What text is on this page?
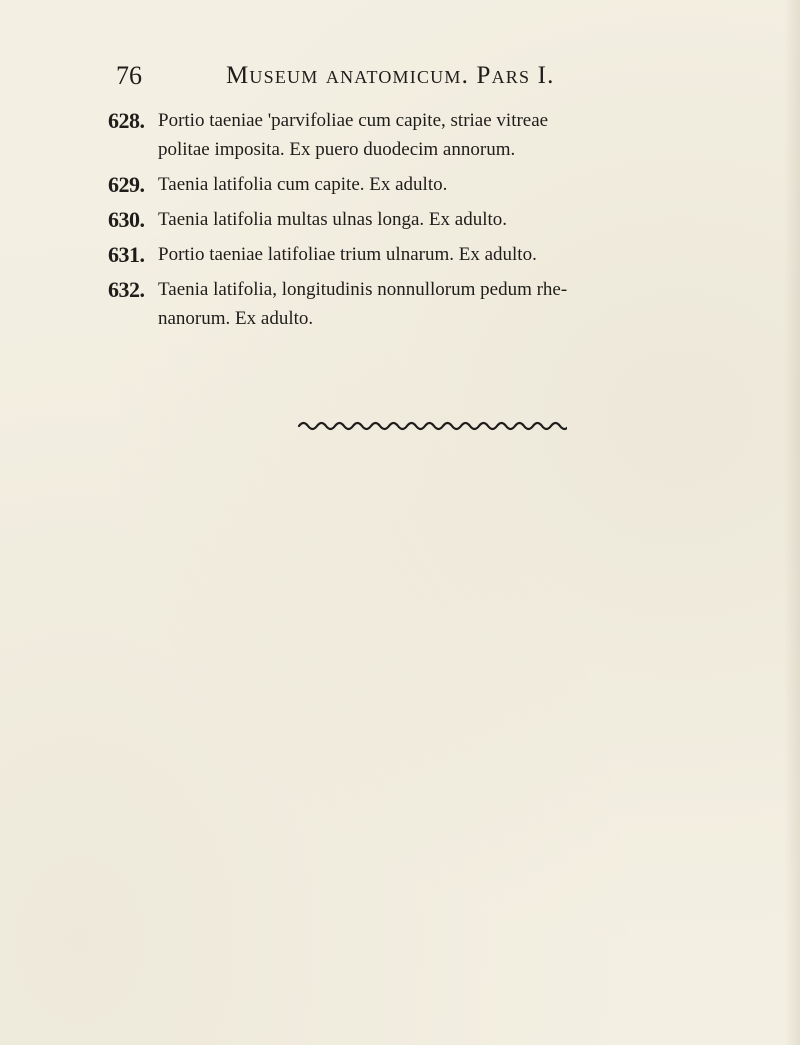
76	Museum anatomicum. Pars I.
628. Portio taeniae 'parvifoliae cum capite, striae vitreae
politae imposita. Ex puero duodecim annorum.
629. Taenia latifolia cum capite. Ex adulto.
630. Taenia latifolia multas ulnas longa. Ex adulto.
631. Portio taeniae latifoliae trium ulnarum. Ex adulto.
632. Taenia latifolia, longitudinis nonnullorum pedum rhe-
nanorum. Ex adulto.
